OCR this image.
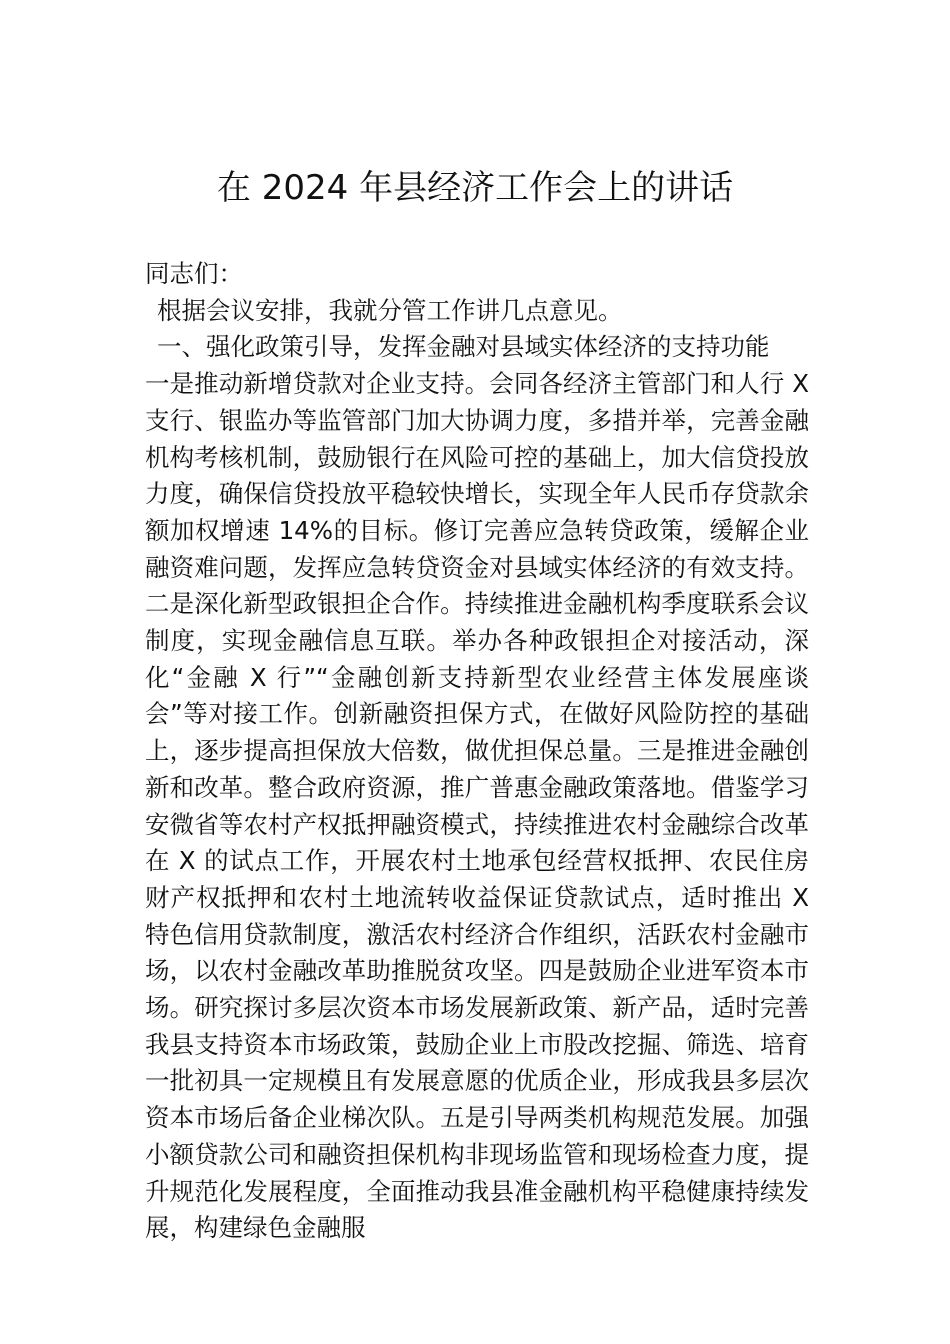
在 2024 年县经济工作会上的讲话

同志们：

根据会议安排，我就分管工作讲几点意见。

一、强化政策引导，发挥金融对县域实体经济的支持功能

一是推动新增贷款对企业支持。会同各经济主管部门和人行 X 支行、银监办等监管部门加大协调力度，多措并举，完善金融机构考核机制，鼓励银行在风险可控的基础上，加大信贷投放力度，确保信贷投放平稳较快增长，实现全年人民币存贷款余额加权增速 14%的目标。修订完善应急转贷政策，缓解企业融资难问题，发挥应急转贷资金对县域实体经济的有效支持。二是深化新型政银担企合作。持续推进金融机构季度联系会议制度，实现金融信息互联。举办各种政银担企对接活动，深化“金融 X 行”“金融创新支持新型农业经营主体发展座谈会”等对接工作。创新融资担保方式，在做好风险防控的基础上，逐步提高担保放大倍数，做优担保总量。三是推进金融创新和改革。整合政府资源，推广普惠金融政策落地。借鉴学习安微省等农村产权抵押融资模式，持续推进农村金融综合改革在 X 的试点工作，开展农村土地承包经营权抵押、农民住房财产权抵押和农村土地流转收益保证贷款试点，适时推出 X 特色信用贷款制度，激活农村经济合作组织，活跃农村金融市场，以农村金融改革助推脱贫攻坚。四是鼓励企业进军资本市场。研究探讨多层次资本市场发展新政策、新产品，适时完善我县支持资本市场政策，鼓励企业上市股改挖掘、筛选、培育一批初具一定规模且有发展意愿的优质企业，形成我县多层次资本市场后备企业梯次队。五是引导两类机构规范发展。加强小额贷款公司和融资担保机构非现场监管和现场检查力度，提升规范化发展程度，全面推动我县准金融机构平稳健康持续发展，构建绿色金融服
